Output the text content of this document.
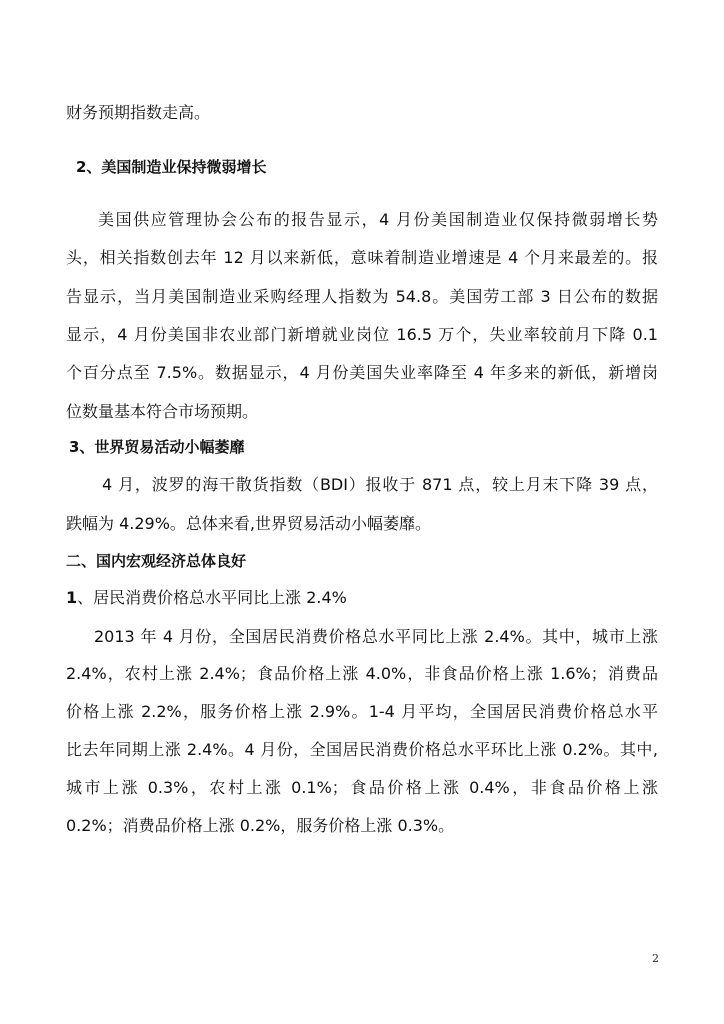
财务预期指数走高。

2、美国制造业保持微弱增长

美国供应管理协会公布的报告显示，4 月份美国制造业仅保持微弱增长势

头，相关指数创去年 12 月以来新低，意味着制造业增速是 4 个月来最差的。报

告显示，当月美国制造业采购经理人指数为 54.8。美国劳工部 3 日公布的数据

显示，4 月份美国非农业部门新增就业岗位 16.5 万个，失业率较前月下降 0.1

个百分点至 7.5%。数据显示，4 月份美国失业率降至 4 年多来的新低，新增岗

位数量基本符合市场预期。

3、世界贸易活动小幅萎靡

4 月，波罗的海干散货指数（BDI）报收于 871 点，较上月末下降 39 点，

跌幅为 4.29%。总体来看,世界贸易活动小幅萎靡。

二、国内宏观经济总体良好

1、居民消费价格总水平同比上涨 2.4%

2013 年 4 月份，全国居民消费价格总水平同比上涨 2.4%。其中，城市上涨

2.4%，农村上涨 2.4%；食品价格上涨 4.0%，非食品价格上涨 1.6%；消费品

价格上涨 2.2%，服务价格上涨 2.9%。1-4 月平均，全国居民消费价格总水平

比去年同期上涨 2.4%。4 月份，全国居民消费价格总水平环比上涨 0.2%。其中,

城市上涨 0.3%，农村上涨 0.1%；食品价格上涨 0.4%，非食品价格上涨

0.2%；消费品价格上涨 0.2%，服务价格上涨 0.3%。

2
